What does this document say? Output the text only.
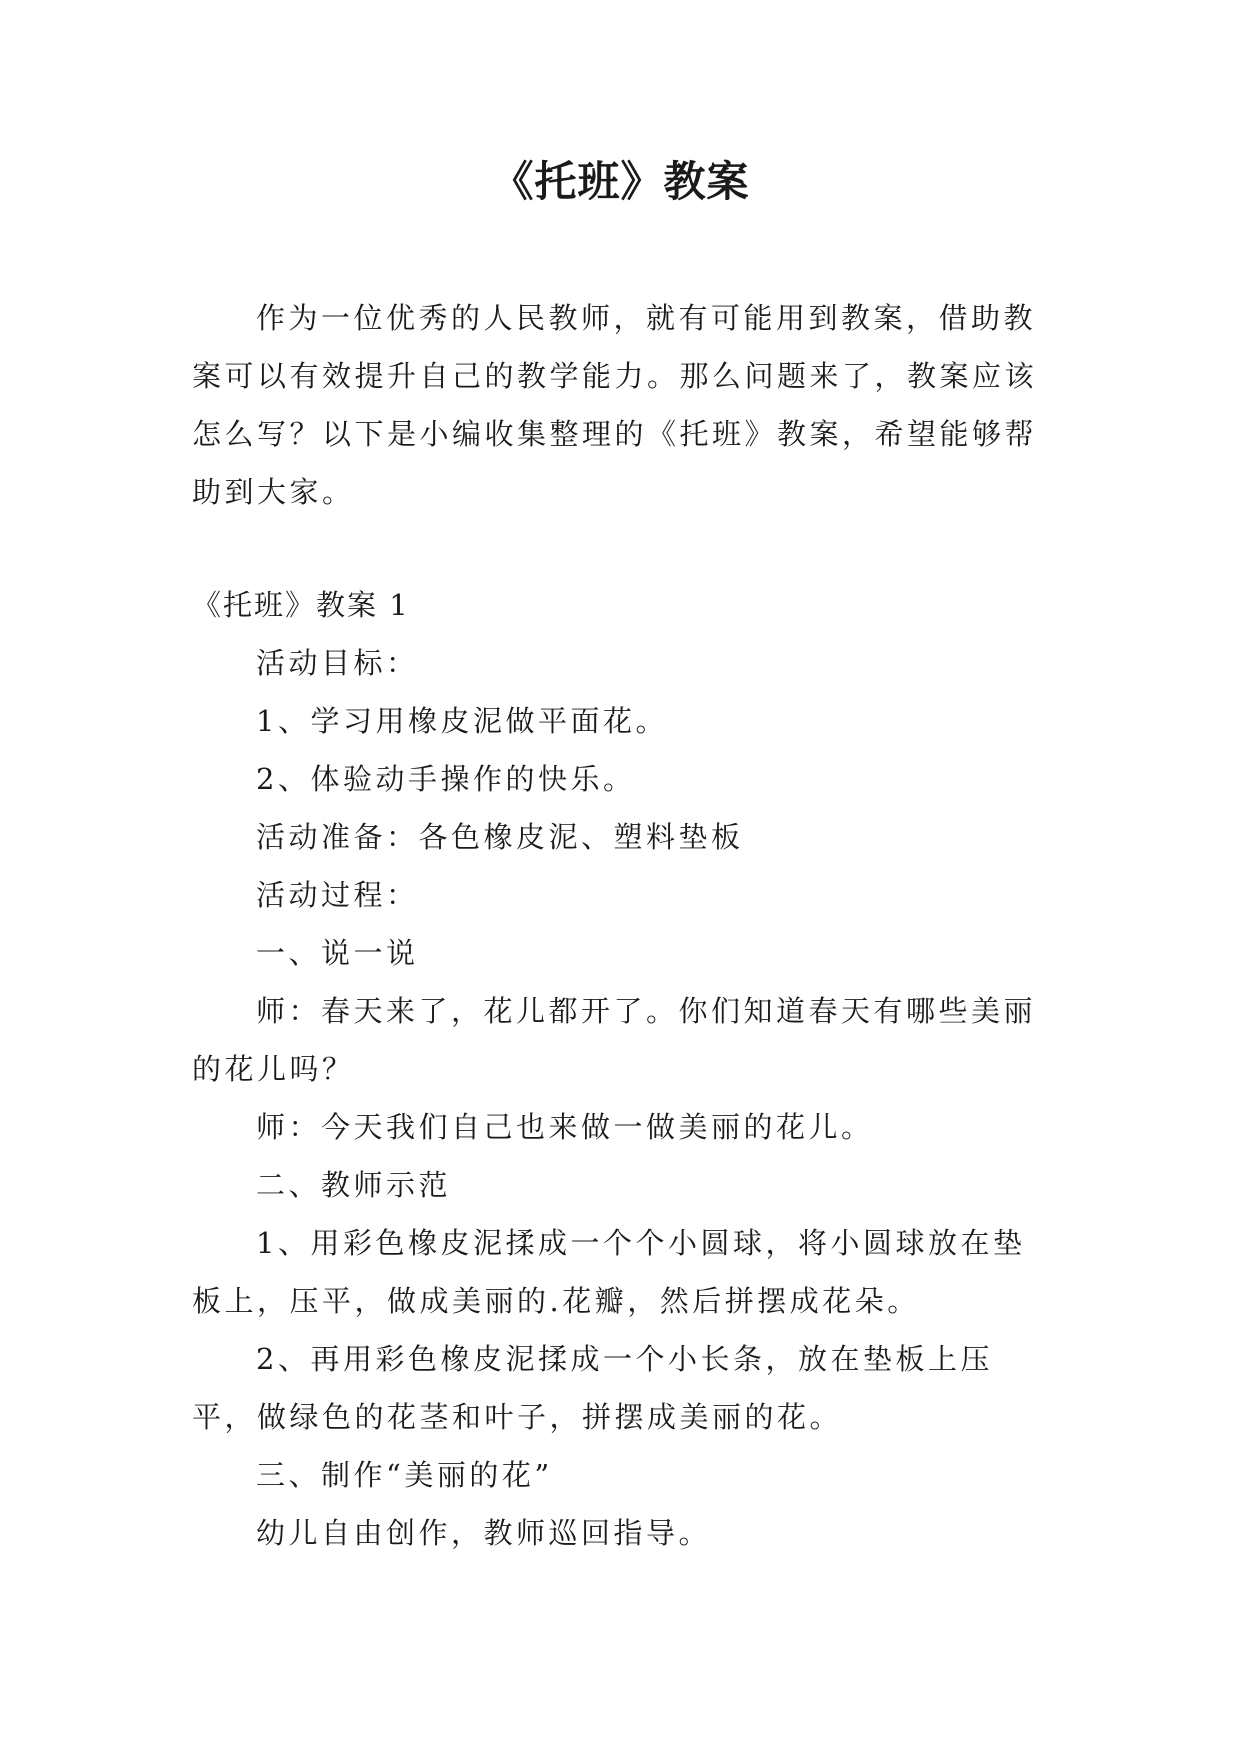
《托班》教案

作为一位优秀的人民教师，就有可能用到教案，借助教案可以有效提升自己的教学能力。那么问题来了，教案应该怎么写？以下是小编收集整理的《托班》教案，希望能够帮助到大家。

《托班》教案 1

活动目标：

1、学习用橡皮泥做平面花。

2、体验动手操作的快乐。

活动准备：各色橡皮泥、塑料垫板

活动过程：

一、说一说

师：春天来了，花儿都开了。你们知道春天有哪些美丽的花儿吗？

师：今天我们自己也来做一做美丽的花儿。

二、教师示范

1、用彩色橡皮泥揉成一个个小圆球，将小圆球放在垫板上，压平，做成美丽的.花瓣，然后拼摆成花朵。

2、再用彩色橡皮泥揉成一个小长条，放在垫板上压平，做绿色的花茎和叶子，拼摆成美丽的花。

三、制作“美丽的花”

幼儿自由创作，教师巡回指导。
